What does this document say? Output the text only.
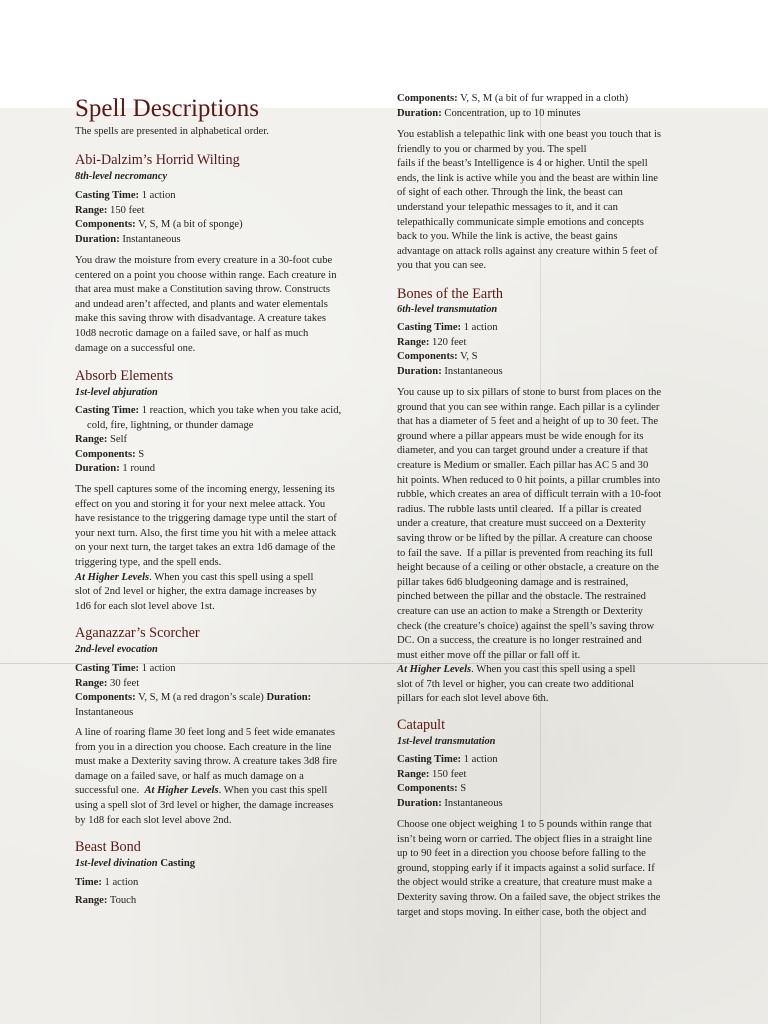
Spell Descriptions
The spells are presented in alphabetical order.
Abi-Dalzim’s Horrid Wilting
8th-level necromancy
Casting Time: 1 action
Range: 150 feet
Components: V, S, M (a bit of sponge)
Duration: Instantaneous
You draw the moisture from every creature in a 30-foot cube
centered on a point you choose within range. Each creature in
that area must make a Constitution saving throw. Constructs
and undead aren’t affected, and plants and water elementals
make this saving throw with disadvantage. A creature takes
10d8 necrotic damage on a failed save, or half as much
damage on a successful one.
Absorb Elements
1st-level abjuration
Casting Time: 1 reaction, which you take when you take acid,
cold, fire, lightning, or thunder damage
Range: Self
Components: S
Duration: 1 round
The spell captures some of the incoming energy, lessening its
effect on you and storing it for your next melee attack. You
have resistance to the triggering damage type until the start of
your next turn. Also, the first time you hit with a melee attack
on your next turn, the target takes an extra 1d6 damage of the
triggering type, and the spell ends.
At Higher Levels. When you cast this spell using a spell
slot of 2nd level or higher, the extra damage increases by
1d6 for each slot level above 1st.
Aganazzar’s Scorcher
2nd-level evocation
Casting Time: 1 action
Range: 30 feet
Components: V, S, M (a red dragon’s scale) Duration:
Instantaneous
A line of roaring flame 30 feet long and 5 feet wide emanates
from you in a direction you choose. Each creature in the line
must make a Dexterity saving throw. A creature takes 3d8 fire
damage on a failed save, or half as much damage on a
successful one.  At Higher Levels. When you cast this spell
using a spell slot of 3rd level or higher, the damage increases
by 1d8 for each slot level above 2nd.
Beast Bond
1st-level divination Casting
Time: 1 action
Range: Touch
Components: V, S, M (a bit of fur wrapped in a cloth)
Duration: Concentration, up to 10 minutes
You establish a telepathic link with one beast you touch that is
friendly to you or charmed by you. The spell
fails if the beast’s Intelligence is 4 or higher. Until the spell
ends, the link is active while you and the beast are within line
of sight of each other. Through the link, the beast can
understand your telepathic messages to it, and it can
telepathically communicate simple emotions and concepts
back to you. While the link is active, the beast gains
advantage on attack rolls against any creature within 5 feet of
you that you can see.
Bones of the Earth
6th-level transmutation
Casting Time: 1 action
Range: 120 feet
Components: V, S
Duration: Instantaneous
You cause up to six pillars of stone to burst from places on the
ground that you can see within range. Each pillar is a cylinder
that has a diameter of 5 feet and a height of up to 30 feet. The
ground where a pillar appears must be wide enough for its
diameter, and you can target ground under a creature if that
creature is Medium or smaller. Each pillar has AC 5 and 30
hit points. When reduced to 0 hit points, a pillar crumbles into
rubble, which creates an area of difficult terrain with a 10-foot
radius. The rubble lasts until cleared.  If a pillar is created
under a creature, that creature must succeed on a Dexterity
saving throw or be lifted by the pillar. A creature can choose
to fail the save.  If a pillar is prevented from reaching its full
height because of a ceiling or other obstacle, a creature on the
pillar takes 6d6 bludgeoning damage and is restrained,
pinched between the pillar and the obstacle. The restrained
creature can use an action to make a Strength or Dexterity
check (the creature’s choice) against the spell’s saving throw
DC. On a success, the creature is no longer restrained and
must either move off the pillar or fall off it.
At Higher Levels. When you cast this spell using a spell
slot of 7th level or higher, you can create two additional
pillars for each slot level above 6th.
Catapult
1st-level transmutation
Casting Time: 1 action
Range: 150 feet
Components: S
Duration: Instantaneous
Choose one object weighing 1 to 5 pounds within range that
isn’t being worn or carried. The object flies in a straight line
up to 90 feet in a direction you choose before falling to the
ground, stopping early if it impacts against a solid surface. If
the object would strike a creature, that creature must make a
Dexterity saving throw. On a failed save, the object strikes the
target and stops moving. In either case, both the object and
